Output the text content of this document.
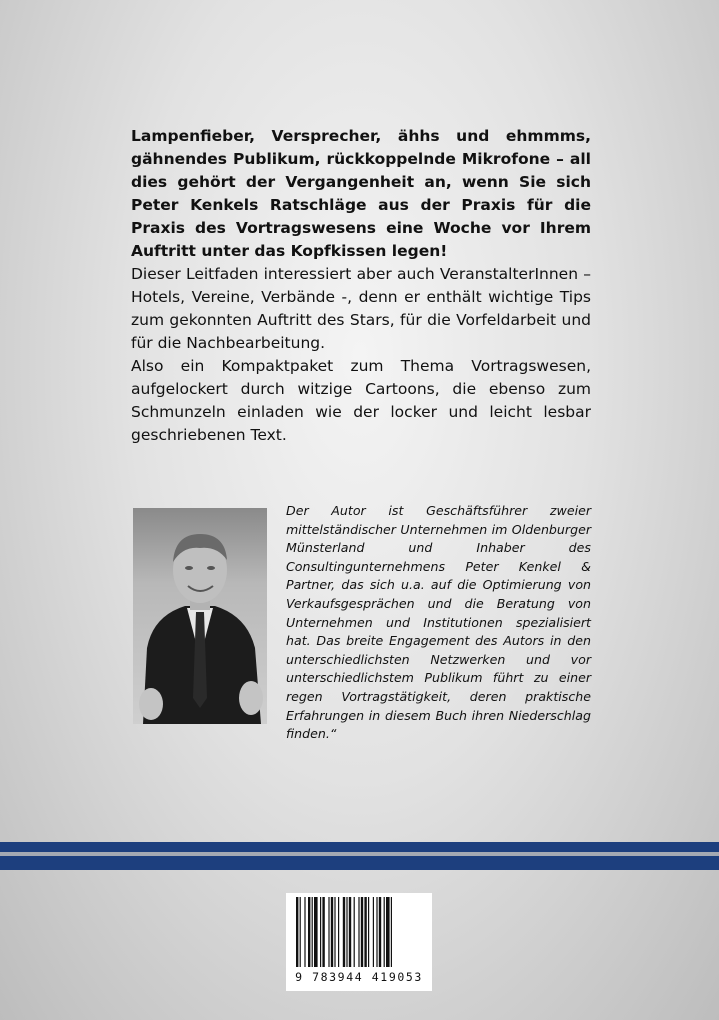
Lampenfieber, Versprecher, ähhs und ehmmms, gähnendes Publikum, rückkoppelnde Mikrofone – all dies gehört der Vergangenheit an, wenn Sie sich Peter Kenkels Ratschläge aus der Praxis für die Praxis des Vortragswesens eine Woche vor Ihrem Auftritt unter das Kopfkissen legen!

Dieser Leitfaden interessiert aber auch VeranstalterInnen – Hotels, Vereine, Verbände -, denn er enthält wichtige Tips zum gekonnten Auftritt des Stars, für die Vorfeldarbeit und für die Nachbearbeitung.

Also ein Kompaktpaket zum Thema Vortragswesen, aufgelockert durch witzige Cartoons, die ebenso zum Schmunzeln einladen wie der locker und leicht lesbar geschriebenen Text.

Der Autor ist Geschäftsführer zweier mittelständischer Unternehmen im Oldenburger Münsterland und Inhaber des Consultingunternehmens Peter Kenkel & Partner, das sich u.a. auf die Optimierung von Verkaufsgesprächen und die Beratung von Unternehmen und Institutionen spezialisiert hat. Das breite Engagement des Autors in den unterschiedlichsten Netzwerken und vor unterschiedlichstem Publikum führt zu einer regen Vortragstätigkeit, deren praktische Erfahrungen in diesem Buch ihren Niederschlag finden.“

9 783944 419053
